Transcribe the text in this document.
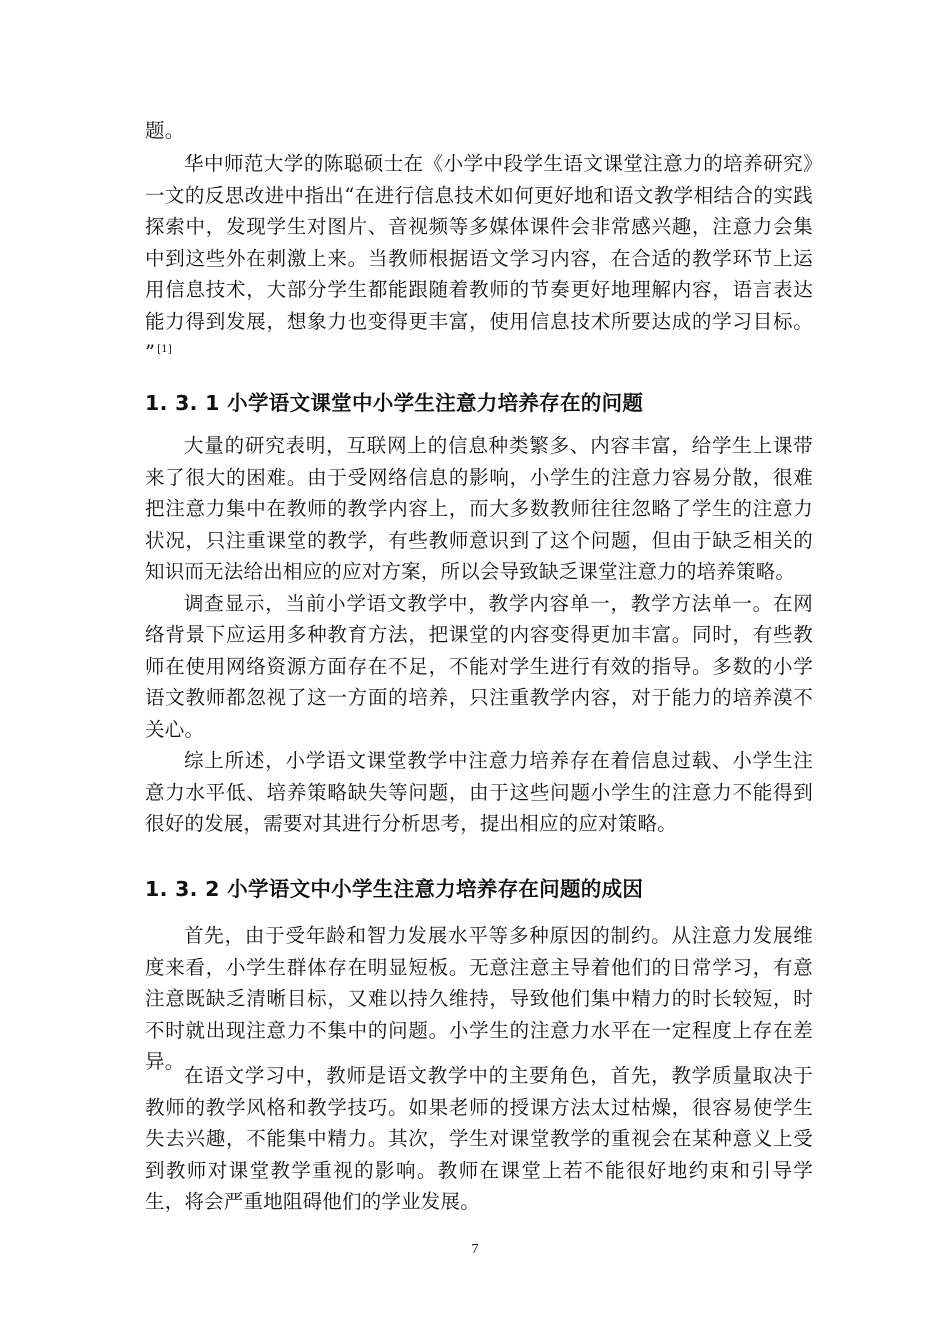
题。

华中师范大学的陈聪硕士在《小学中段学生语文课堂注意力的培养研究》一文的反思改进中指出“在进行信息技术如何更好地和语文教学相结合的实践探索中，发现学生对图片、音视频等多媒体课件会非常感兴趣，注意力会集中到这些外在刺激上来。当教师根据语文学习内容，在合适的教学环节上运用信息技术，大部分学生都能跟随着教师的节奏更好地理解内容，语言表达能力得到发展，想象力也变得更丰富，使用信息技术所要达成的学习目标。 ” [1]

1. 3. 1 小学语文课堂中小学生注意力培养存在的问题

大量的研究表明，互联网上的信息种类繁多、内容丰富，给学生上课带来了很大的困难。由于受网络信息的影响，小学生的注意力容易分散，很难把注意力集中在教师的教学内容上，而大多数教师往往忽略了学生的注意力状况，只注重课堂的教学，有些教师意识到了这个问题，但由于缺乏相关的知识而无法给出相应的应对方案，所以会导致缺乏课堂注意力的培养策略。

调查显示，当前小学语文教学中，教学内容单一，教学方法单一。在网络背景下应运用多种教育方法，把课堂的内容变得更加丰富。同时，有些教师在使用网络资源方面存在不足，不能对学生进行有效的指导。多数的小学语文教师都忽视了这一方面的培养，只注重教学内容，对于能力的培养漠不关心。

综上所述，小学语文课堂教学中注意力培养存在着信息过载、小学生注意力水平低、培养策略缺失等问题，由于这些问题小学生的注意力不能得到很好的发展，需要对其进行分析思考，提出相应的应对策略。

1. 3. 2 小学语文中小学生注意力培养存在问题的成因

首先，由于受年龄和智力发展水平等多种原因的制约。从注意力发展维度来看，小学生群体存在明显短板。无意注意主导着他们的日常学习，有意注意既缺乏清晰目标，又难以持久维持，导致他们集中精力的时长较短，时不时就出现注意力不集中的问题。小学生的注意力水平在一定程度上存在差异。

在语文学习中，教师是语文教学中的主要角色，首先，教学质量取决于教师的教学风格和教学技巧。如果老师的授课方法太过枯燥，很容易使学生失去兴趣，不能集中精力。其次，学生对课堂教学的重视会在某种意义上受到教师对课堂教学重视的影响。教师在课堂上若不能很好地约束和引导学生，将会严重地阻碍他们的学业发展。

7
